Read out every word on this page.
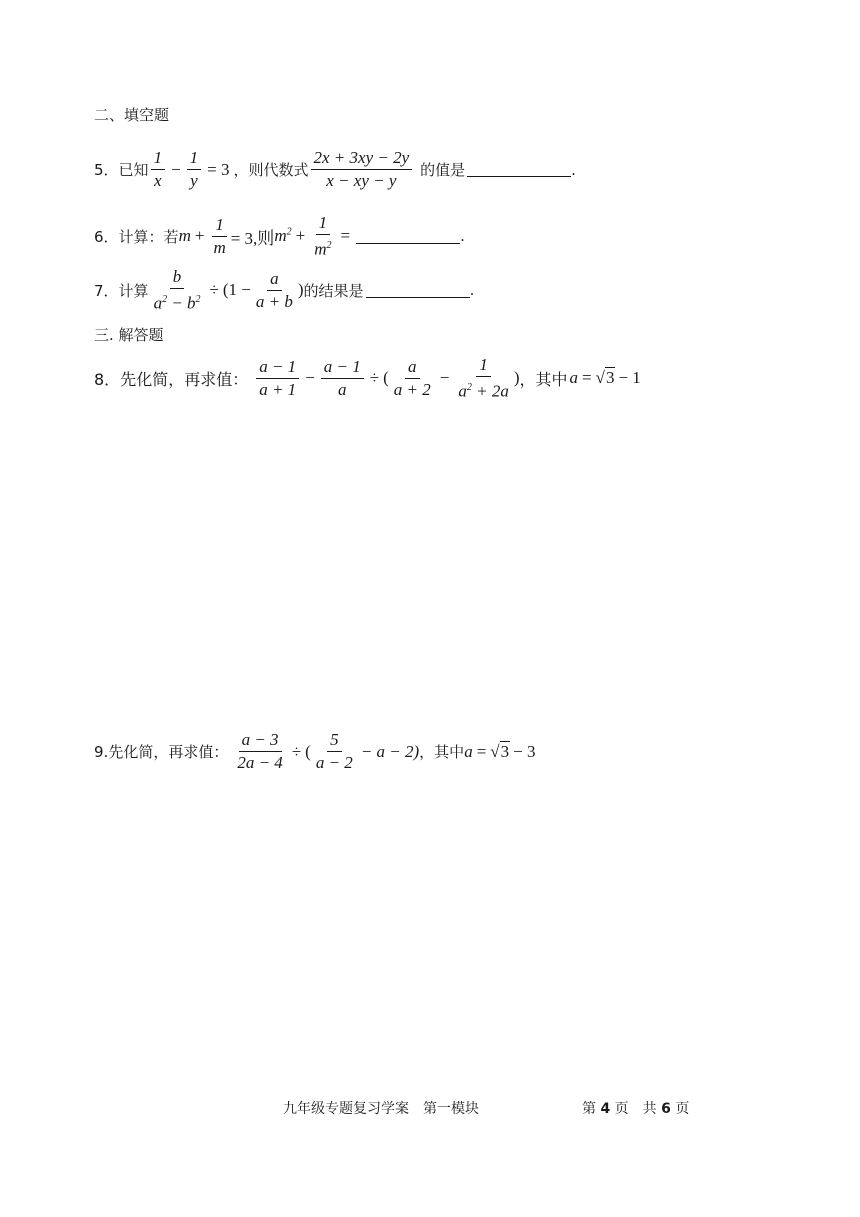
二、填空题
5． 已知 $\frac{1}{x} - \frac{1}{y} = 3$ ，则代数式 $\frac{2x + 3xy - 2y}{x - xy - y}$ 的值是	.
6． 计算：若 $m + \frac{1}{m} = 3$,则 $m^2 + \frac{1}{m^2}$ =	.
7． 计算 $\frac{b}{a^2 - b^2} \div (1 - \frac{a}{a + b}$ ) 的结果是	.
三. 解答题
8． 先化简，再求值： $\frac{a - 1}{a + 1} - \frac{a - 1}{a}$ ÷ ( $\frac{a}{a + 2} - \frac{1}{a^2 + 2a}$ ) ，其中 a = √3 − 1
9. 先化简，再求值： $\frac{a - 3}{2a - 4}$ ÷ ( $\frac{5}{a - 2} - a - 2$) ，其中 a = √3 − 3
九年级专题复习学案　第一模块	第 4 页　共 6 页
